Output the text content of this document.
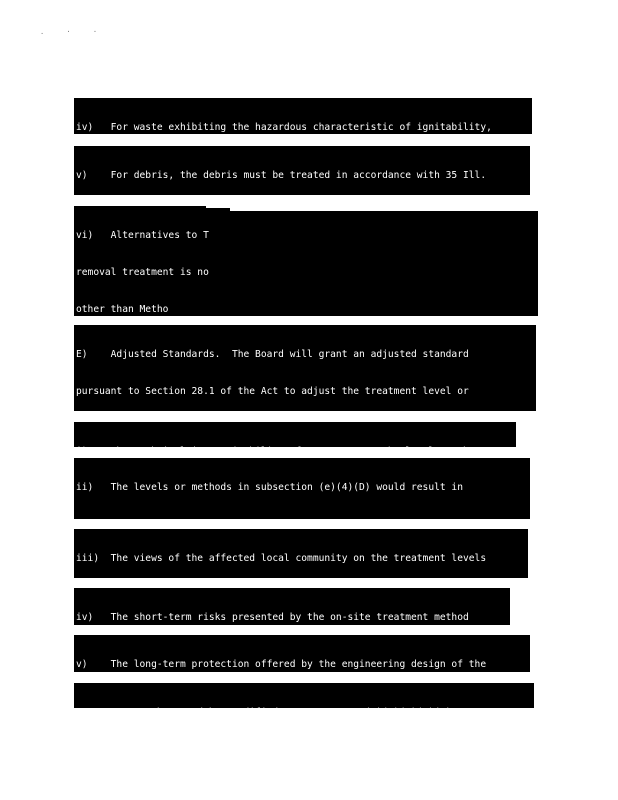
. · ·

iv)   For waste exhibiting the hazardous characteristic of ignitability,

v)    For debris, the debris must be treated in accordance with 35 Ill.

vi)   Alternatives to T

removal treatment is no

other than Metho

E)    Adjusted Standards.  The Board will grant an adjusted standard

pursuant to Section 28.1 of the Act to adjust the treatment level or

ii)   The levels or methods in subsection (e)(4)(D) would result in

iii)  The views of the affected local community on the treatment levels

iv)   The short-term risks presented by the on-site treatment method

v)    The long-term protection offered by the engineering design of the
